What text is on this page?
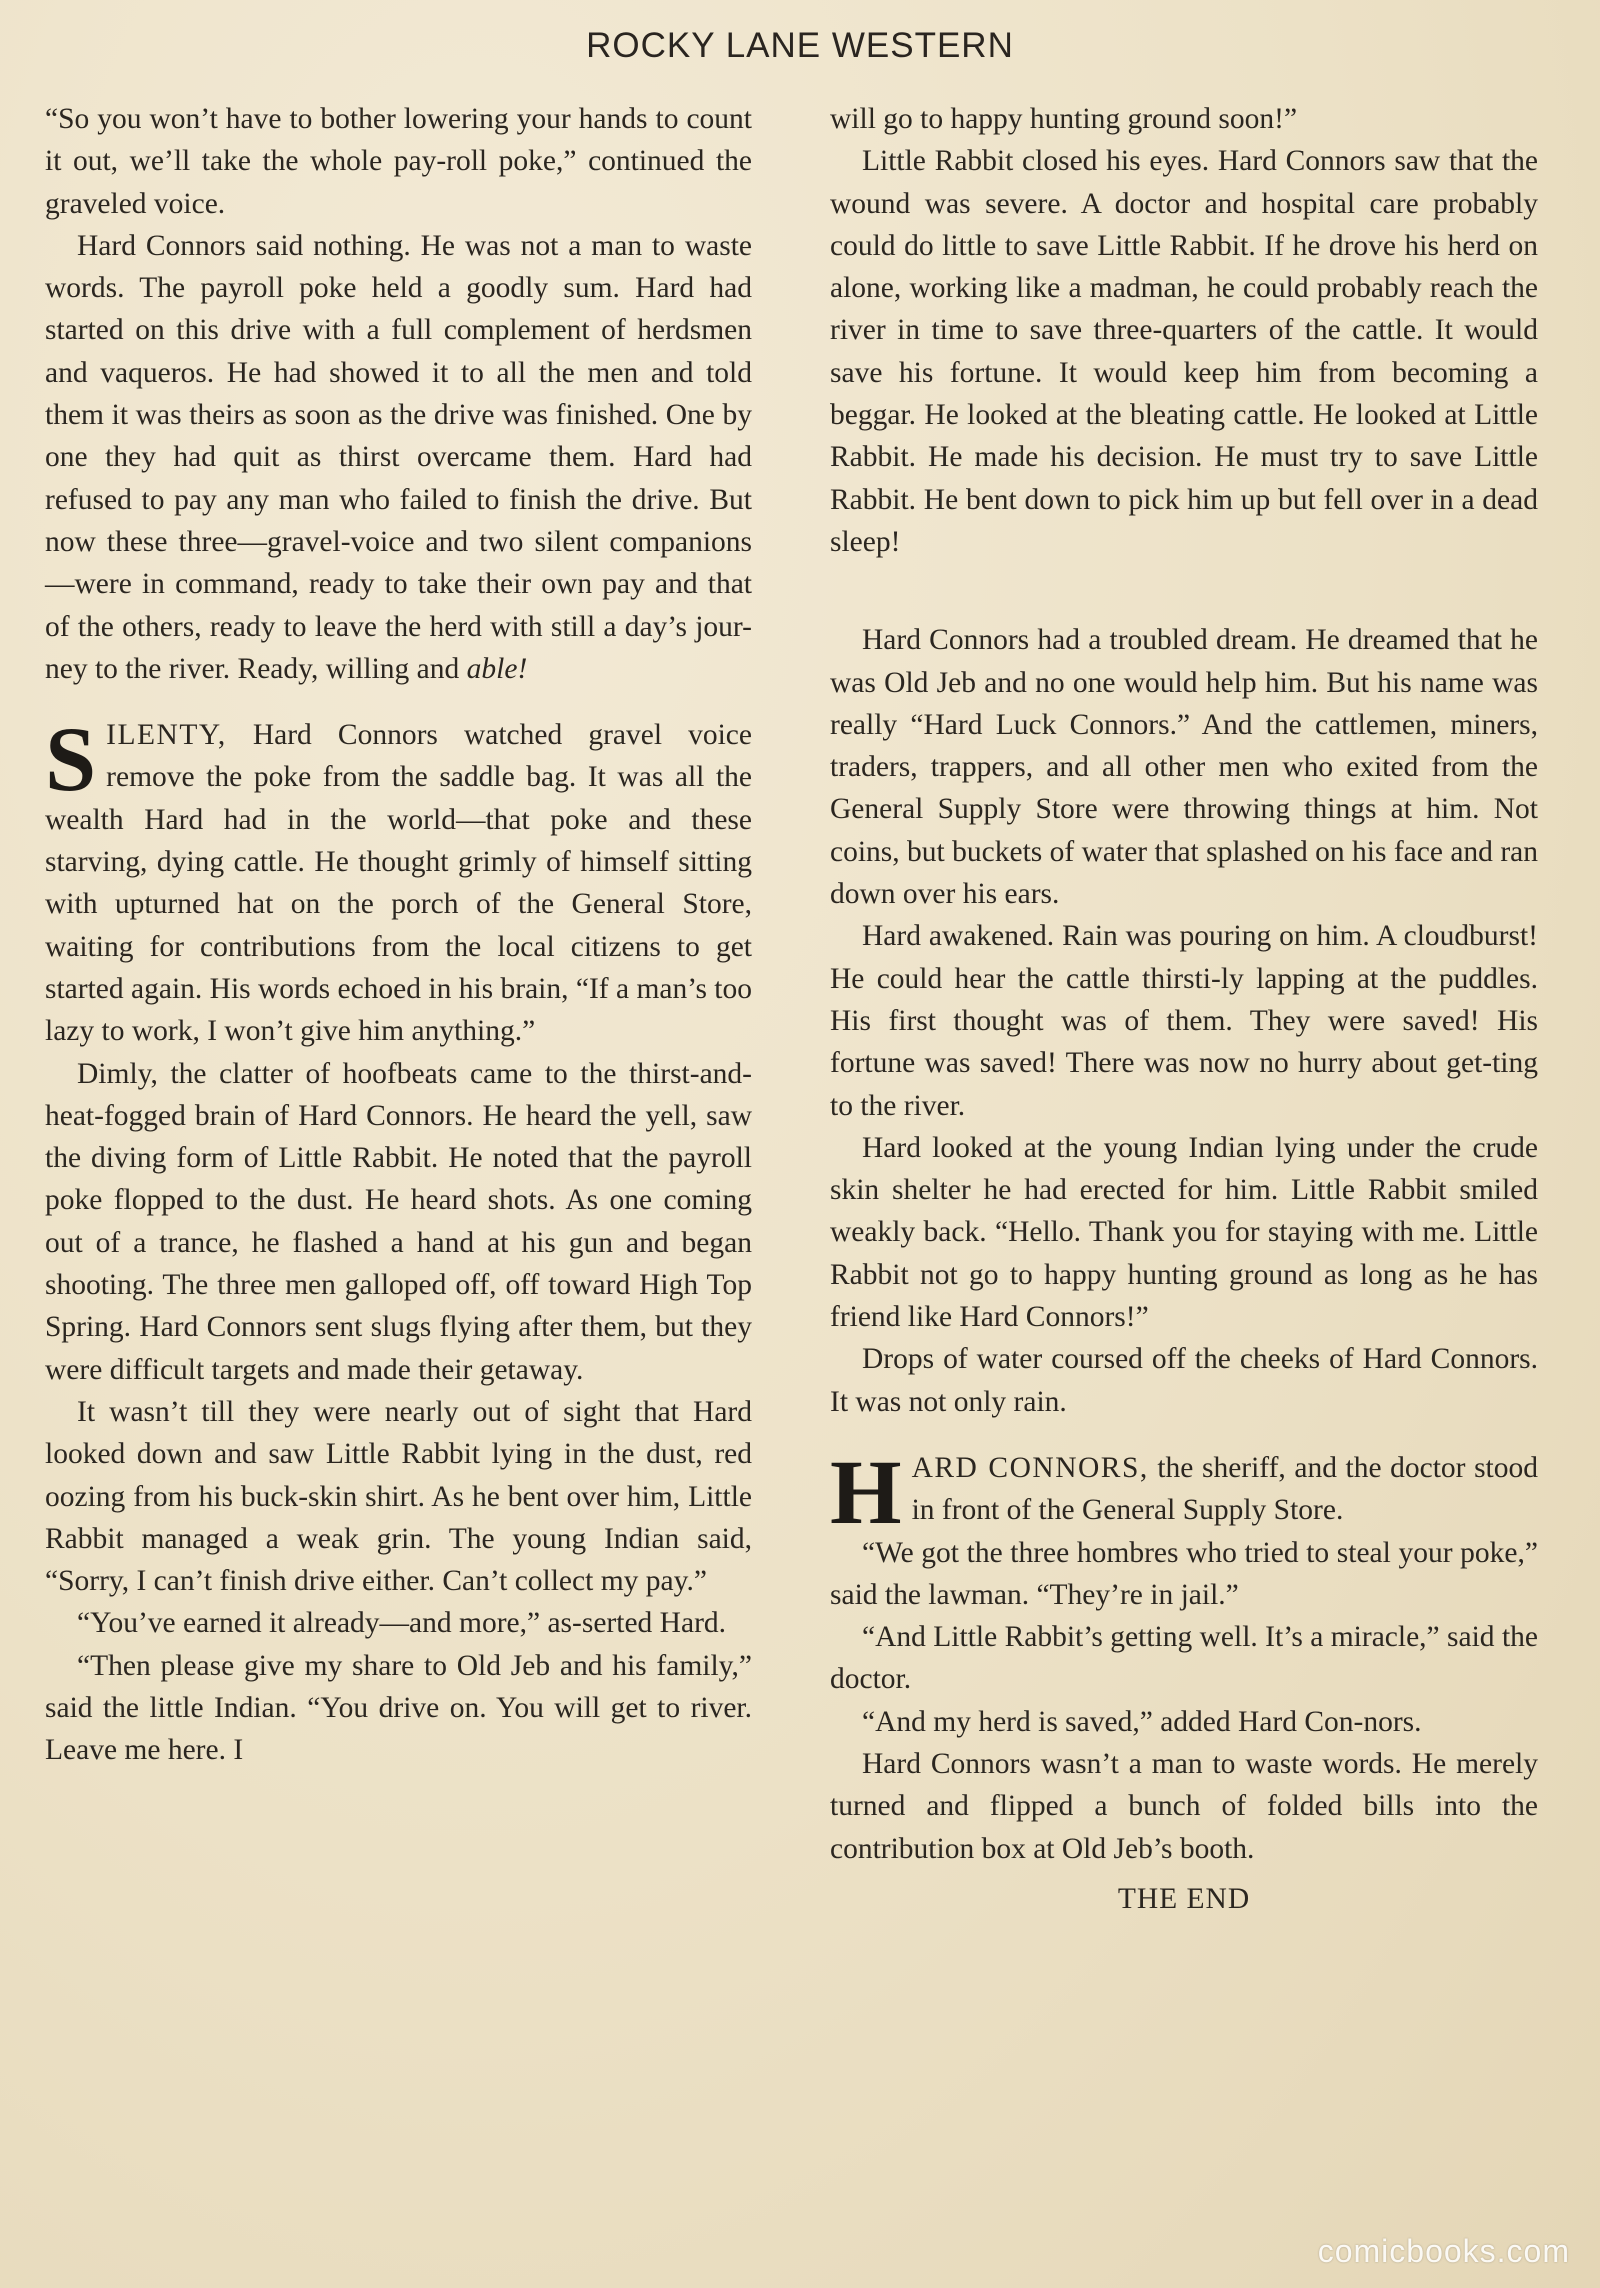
ROCKY LANE WESTERN

“So you won’t have to bother lowering your hands to count it out, we’ll take the whole pay-roll poke,” continued the graveled voice.

Hard Connors said nothing. He was not a man to waste words. The payroll poke held a goodly sum. Hard had started on this drive with a full complement of herdsmen and vaqueros. He had showed it to all the men and told them it was theirs as soon as the drive was finished. One by one they had quit as thirst overcame them. Hard had refused to pay any man who failed to finish the drive. But now these three—gravel-voice and two silent companions—were in command, ready to take their own pay and that of the others, ready to leave the herd with still a day’s jour-ney to the river. Ready, willing and able!

SILENTY, Hard Connors watched gravel voice remove the poke from the saddle bag. It was all the wealth Hard had in the world—that poke and these starving, dying cattle. He thought grimly of himself sitting with upturned hat on the porch of the General Store, waiting for contributions from the local citizens to get started again. His words echoed in his brain, “If a man’s too lazy to work, I won’t give him anything.”

Dimly, the clatter of hoofbeats came to the thirst-and-heat-fogged brain of Hard Connors. He heard the yell, saw the diving form of Little Rabbit. He noted that the payroll poke flopped to the dust. He heard shots. As one coming out of a trance, he flashed a hand at his gun and began shooting. The three men galloped off, off toward High Top Spring. Hard Connors sent slugs flying after them, but they were difficult targets and made their getaway.

It wasn’t till they were nearly out of sight that Hard looked down and saw Little Rabbit lying in the dust, red oozing from his buck-skin shirt. As he bent over him, Little Rabbit managed a weak grin. The young Indian said, “Sorry, I can’t finish drive either. Can’t collect my pay.”

“You’ve earned it already—and more,” as-serted Hard.

“Then please give my share to Old Jeb and his family,” said the little Indian. “You drive on. You will get to river. Leave me here. I

will go to happy hunting ground soon!”

Little Rabbit closed his eyes. Hard Connors saw that the wound was severe. A doctor and hospital care probably could do little to save Little Rabbit. If he drove his herd on alone, working like a madman, he could probably reach the river in time to save three-quarters of the cattle. It would save his fortune. It would keep him from becoming a beggar. He looked at the bleating cattle. He looked at Little Rabbit. He made his decision. He must try to save Little Rabbit. He bent down to pick him up but fell over in a dead sleep!

Hard Connors had a troubled dream. He dreamed that he was Old Jeb and no one would help him. But his name was really “Hard Luck Connors.” And the cattlemen, miners, traders, trappers, and all other men who exited from the General Supply Store were throwing things at him. Not coins, but buckets of water that splashed on his face and ran down over his ears.

Hard awakened. Rain was pouring on him. A cloudburst! He could hear the cattle thirsti-ly lapping at the puddles. His first thought was of them. They were saved! His fortune was saved! There was now no hurry about get-ting to the river.

Hard looked at the young Indian lying under the crude skin shelter he had erected for him. Little Rabbit smiled weakly back. “Hello. Thank you for staying with me. Little Rabbit not go to happy hunting ground as long as he has friend like Hard Connors!”

Drops of water coursed off the cheeks of Hard Connors. It was not only rain.

HARD CONNORS, the sheriff, and the doctor stood in front of the General Supply Store.

“We got the three hombres who tried to steal your poke,” said the lawman. “They’re in jail.”

“And Little Rabbit’s getting well. It’s a miracle,” said the doctor.

“And my herd is saved,” added Hard Con-nors.

Hard Connors wasn’t a man to waste words. He merely turned and flipped a bunch of folded bills into the contribution box at Old Jeb’s booth.

THE END

comicbooks.com
